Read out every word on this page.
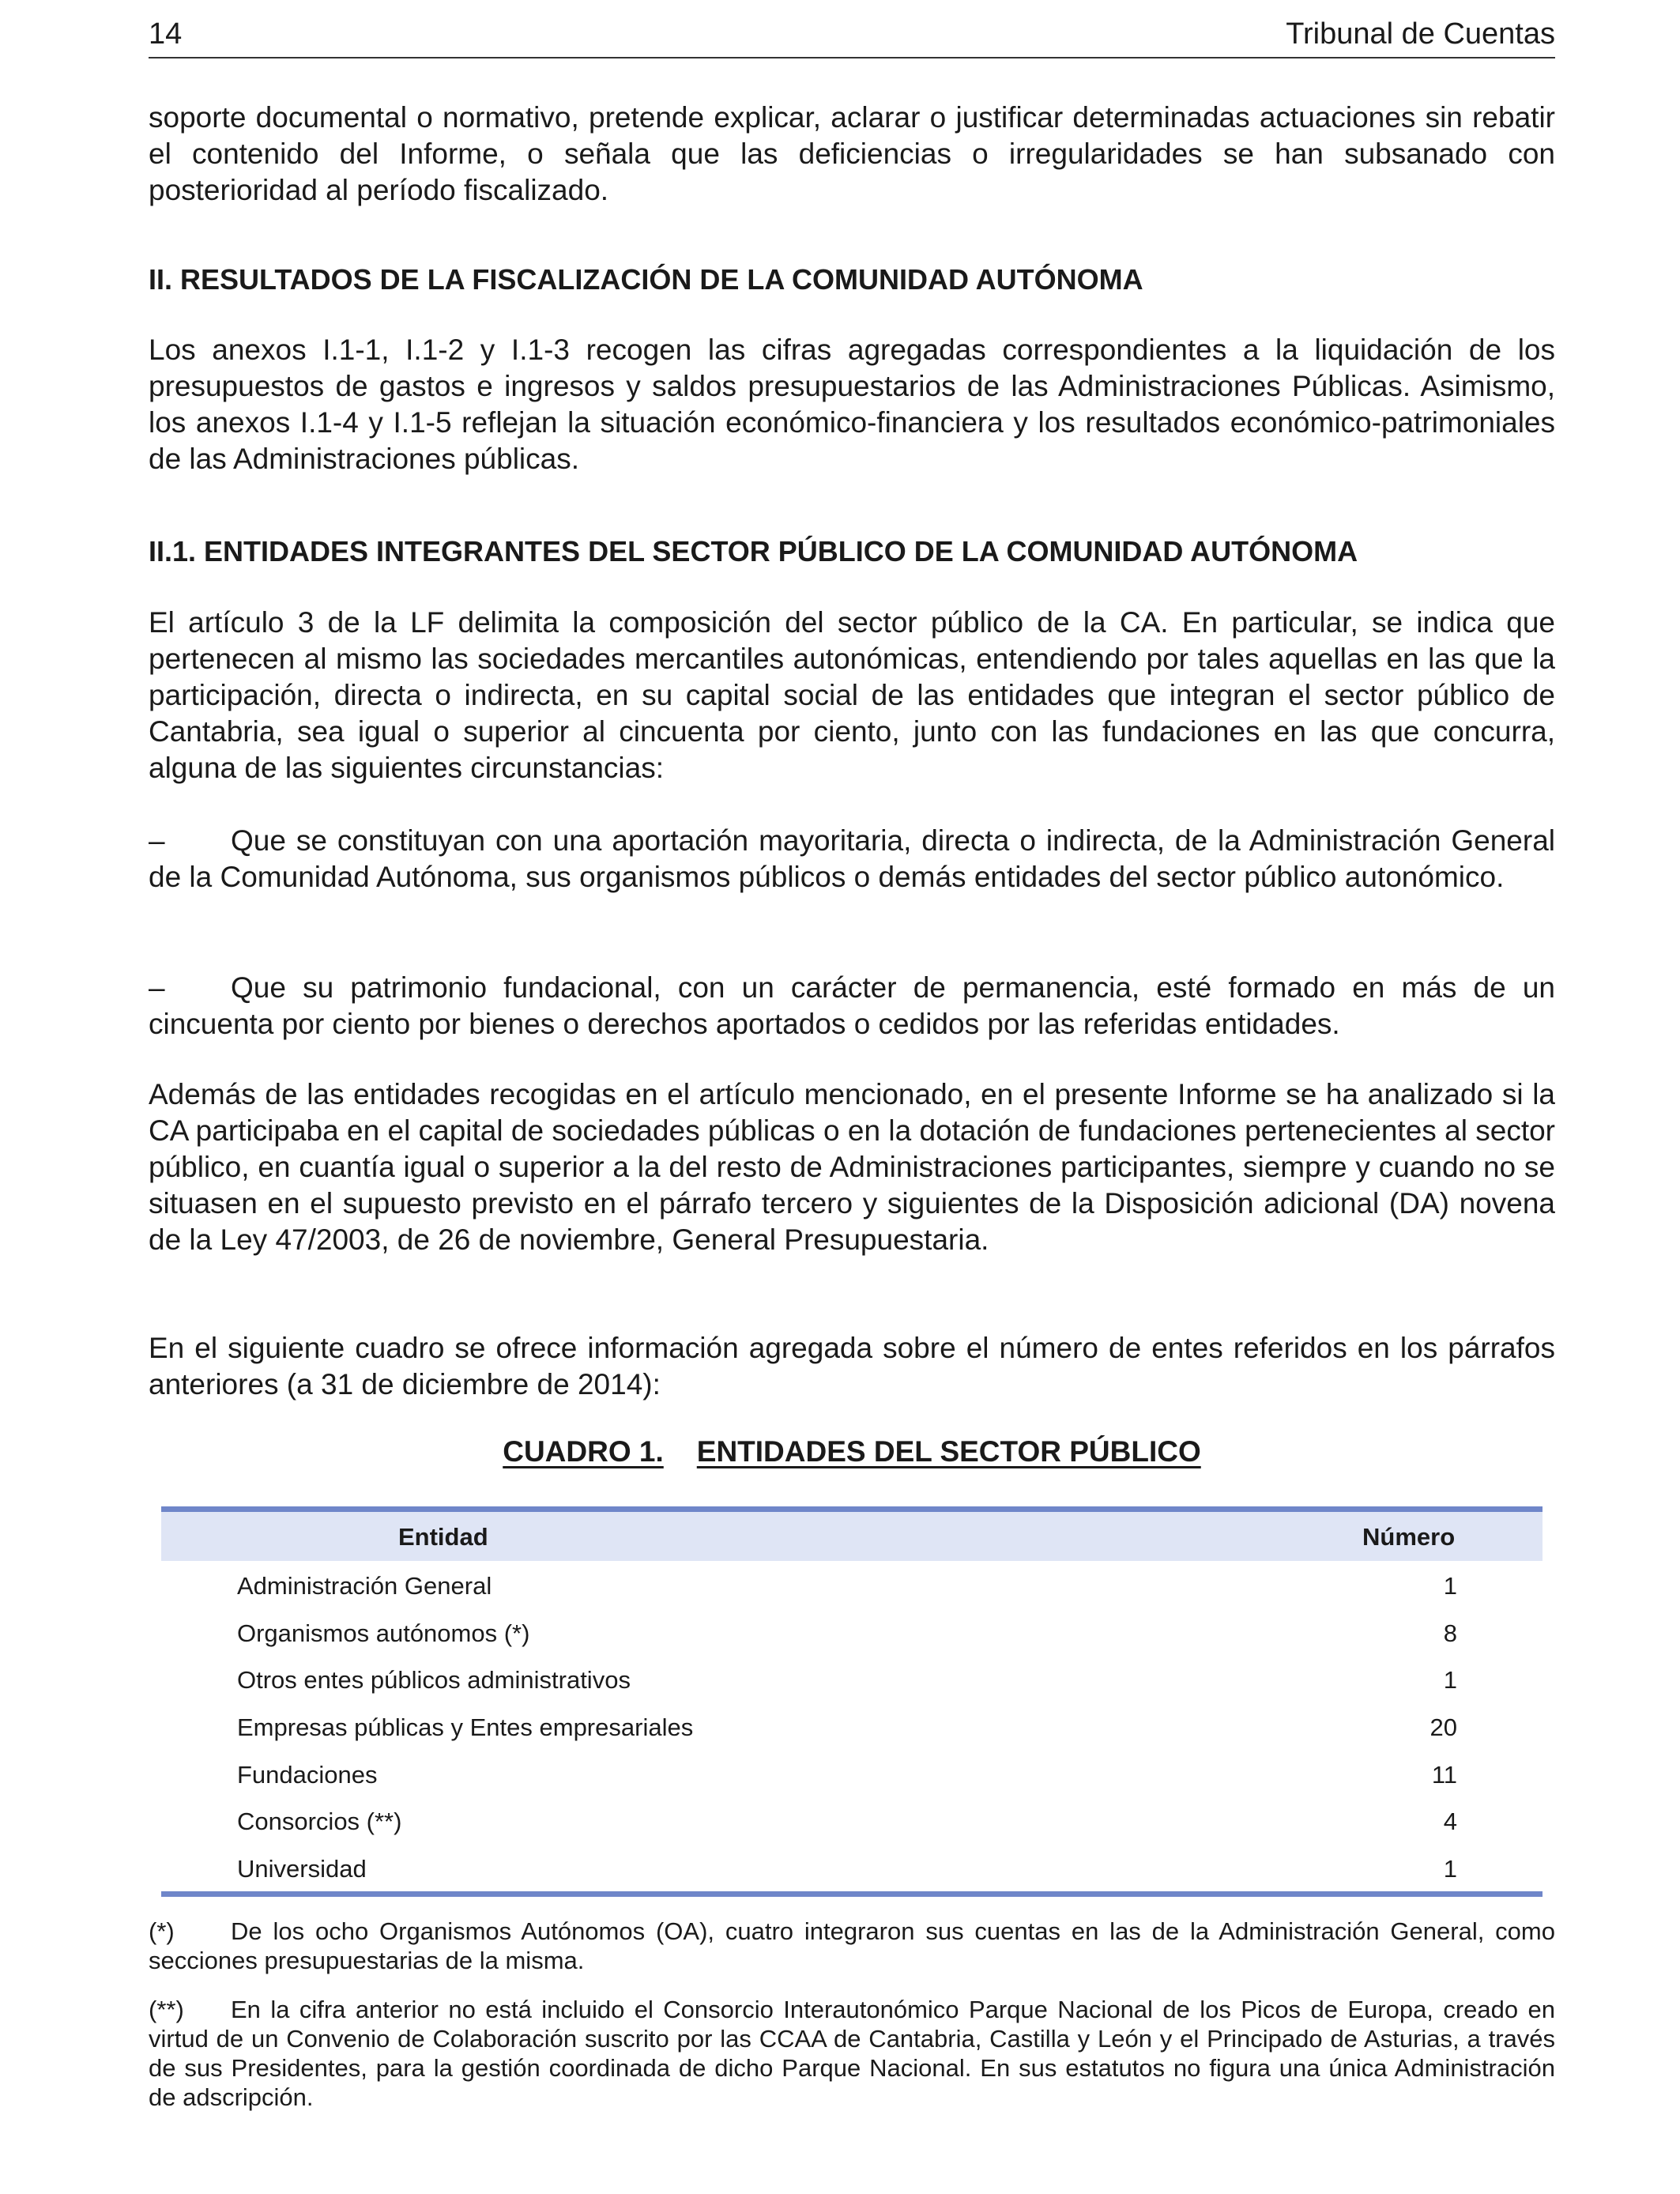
14	Tribunal de Cuentas

soporte documental o normativo, pretende explicar, aclarar o justificar determinadas actuaciones sin rebatir el contenido del Informe, o señala que las deficiencias o irregularidades se han subsanado con posterioridad al período fiscalizado.

II. RESULTADOS DE LA FISCALIZACIÓN DE LA COMUNIDAD AUTÓNOMA

Los anexos I.1-1, I.1-2 y I.1-3 recogen las cifras agregadas correspondientes a la liquidación de los presupuestos de gastos e ingresos y saldos presupuestarios de las Administraciones Públicas. Asimismo, los anexos I.1-4 y I.1-5 reflejan la situación económico-financiera y los resultados económico-patrimoniales de las Administraciones públicas.

II.1. ENTIDADES INTEGRANTES DEL SECTOR PÚBLICO DE LA COMUNIDAD AUTÓNOMA

El artículo 3 de la LF delimita la composición del sector público de la CA. En particular, se indica que pertenecen al mismo las sociedades mercantiles autonómicas, entendiendo por tales aquellas en las que la participación, directa o indirecta, en su capital social de las entidades que integran el sector público de Cantabria, sea igual o superior al cincuenta por ciento, junto con las fundaciones en las que concurra, alguna de las siguientes circunstancias:

– Que se constituyan con una aportación mayoritaria, directa o indirecta, de la Administración General de la Comunidad Autónoma, sus organismos públicos o demás entidades del sector público autonómico.

– Que su patrimonio fundacional, con un carácter de permanencia, esté formado en más de un cincuenta por ciento por bienes o derechos aportados o cedidos por las referidas entidades.

Además de las entidades recogidas en el artículo mencionado, en el presente Informe se ha analizado si la CA participaba en el capital de sociedades públicas o en la dotación de fundaciones pertenecientes al sector público, en cuantía igual o superior a la del resto de Administraciones participantes, siempre y cuando no se situasen en el supuesto previsto en el párrafo tercero y siguientes de la Disposición adicional (DA) novena de la Ley 47/2003, de 26 de noviembre, General Presupuestaria.

En el siguiente cuadro se ofrece información agregada sobre el número de entes referidos en los párrafos anteriores (a 31 de diciembre de 2014):

CUADRO 1. ENTIDADES DEL SECTOR PÚBLICO
Entidad	Número
Administración General	1
Organismos autónomos (*)	8
Otros entes públicos administrativos	1
Empresas públicas y Entes empresariales	20
Fundaciones	11
Consorcios (**)	4
Universidad	1

(*) De los ocho Organismos Autónomos (OA), cuatro integraron sus cuentas en las de la Administración General, como secciones presupuestarias de la misma.

(**) En la cifra anterior no está incluido el Consorcio Interautonómico Parque Nacional de los Picos de Europa, creado en virtud de un Convenio de Colaboración suscrito por las CCAA de Cantabria, Castilla y León y el Principado de Asturias, a través de sus Presidentes, para la gestión coordinada de dicho Parque Nacional. En sus estatutos no figura una única Administración de adscripción.
